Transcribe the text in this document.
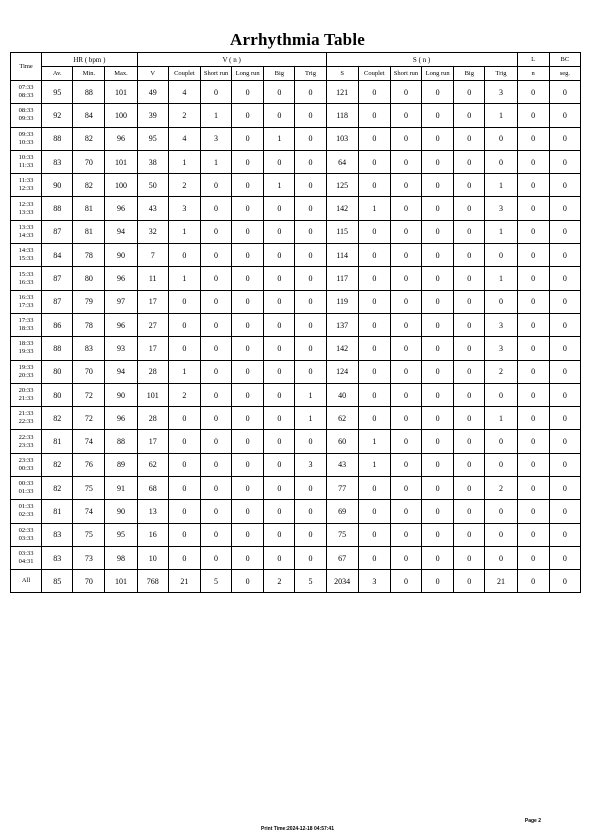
Arrhythmia Table
Time	HR ( bpm )			V ( n )						S ( n )						L	BC
	Av.	Min.	Max.	V	Couplet	Short run	Long run	Big	Trig	S	Couplet	Short run	Long run	Big	Trig	n	seg.

07:33
08:33	95	88	101	49	4	0	0	0	0	121	0	0	0	0	3	0	0

08:33
09:33	92	84	100	39	2	1	0	0	0	118	0	0	0	0	1	0	0

09:33
10:33	88	82	96	95	4	3	0	1	0	103	0	0	0	0	0	0	0

10:33
11:33	83	70	101	38	1	1	0	0	0	64	0	0	0	0	0	0	0

11:33
12:33	90	82	100	50	2	0	0	1	0	125	0	0	0	0	1	0	0

12:33
13:33	88	81	96	43	3	0	0	0	0	142	1	0	0	0	3	0	0

13:33
14:33	87	81	94	32	1	0	0	0	0	115	0	0	0	0	1	0	0

14:33
15:33	84	78	90	7	0	0	0	0	0	114	0	0	0	0	0	0	0

15:33
16:33	87	80	96	11	1	0	0	0	0	117	0	0	0	0	1	0	0

16:33
17:33	87	79	97	17	0	0	0	0	0	119	0	0	0	0	0	0	0

17:33
18:33	86	78	96	27	0	0	0	0	0	137	0	0	0	0	3	0	0

18:33
19:33	88	83	93	17	0	0	0	0	0	142	0	0	0	0	3	0	0

19:33
20:33	80	70	94	28	1	0	0	0	0	124	0	0	0	0	2	0	0

20:33
21:33	80	72	90	101	2	0	0	0	1	40	0	0	0	0	0	0	0

21:33
22:33	82	72	96	28	0	0	0	0	1	62	0	0	0	0	1	0	0

22:33
23:33	81	74	88	17	0	0	0	0	0	60	1	0	0	0	0	0	0

23:33
00:33	82	76	89	62	0	0	0	0	3	43	1	0	0	0	0	0	0

00:33
01:33	82	75	91	68	0	0	0	0	0	77	0	0	0	0	2	0	0

01:33
02:33	81	74	90	13	0	0	0	0	0	69	0	0	0	0	0	0	0

02:33
03:33	83	75	95	16	0	0	0	0	0	75	0	0	0	0	0	0	0

03:33
04:31	83	73	98	10	0	0	0	0	0	67	0	0	0	0	0	0	0
All	85	70	101	768	21	5	0	2	5	2034	3	0	0	0	21	0	0
Page 2
Print Time:2024-12-18 04:57:41
